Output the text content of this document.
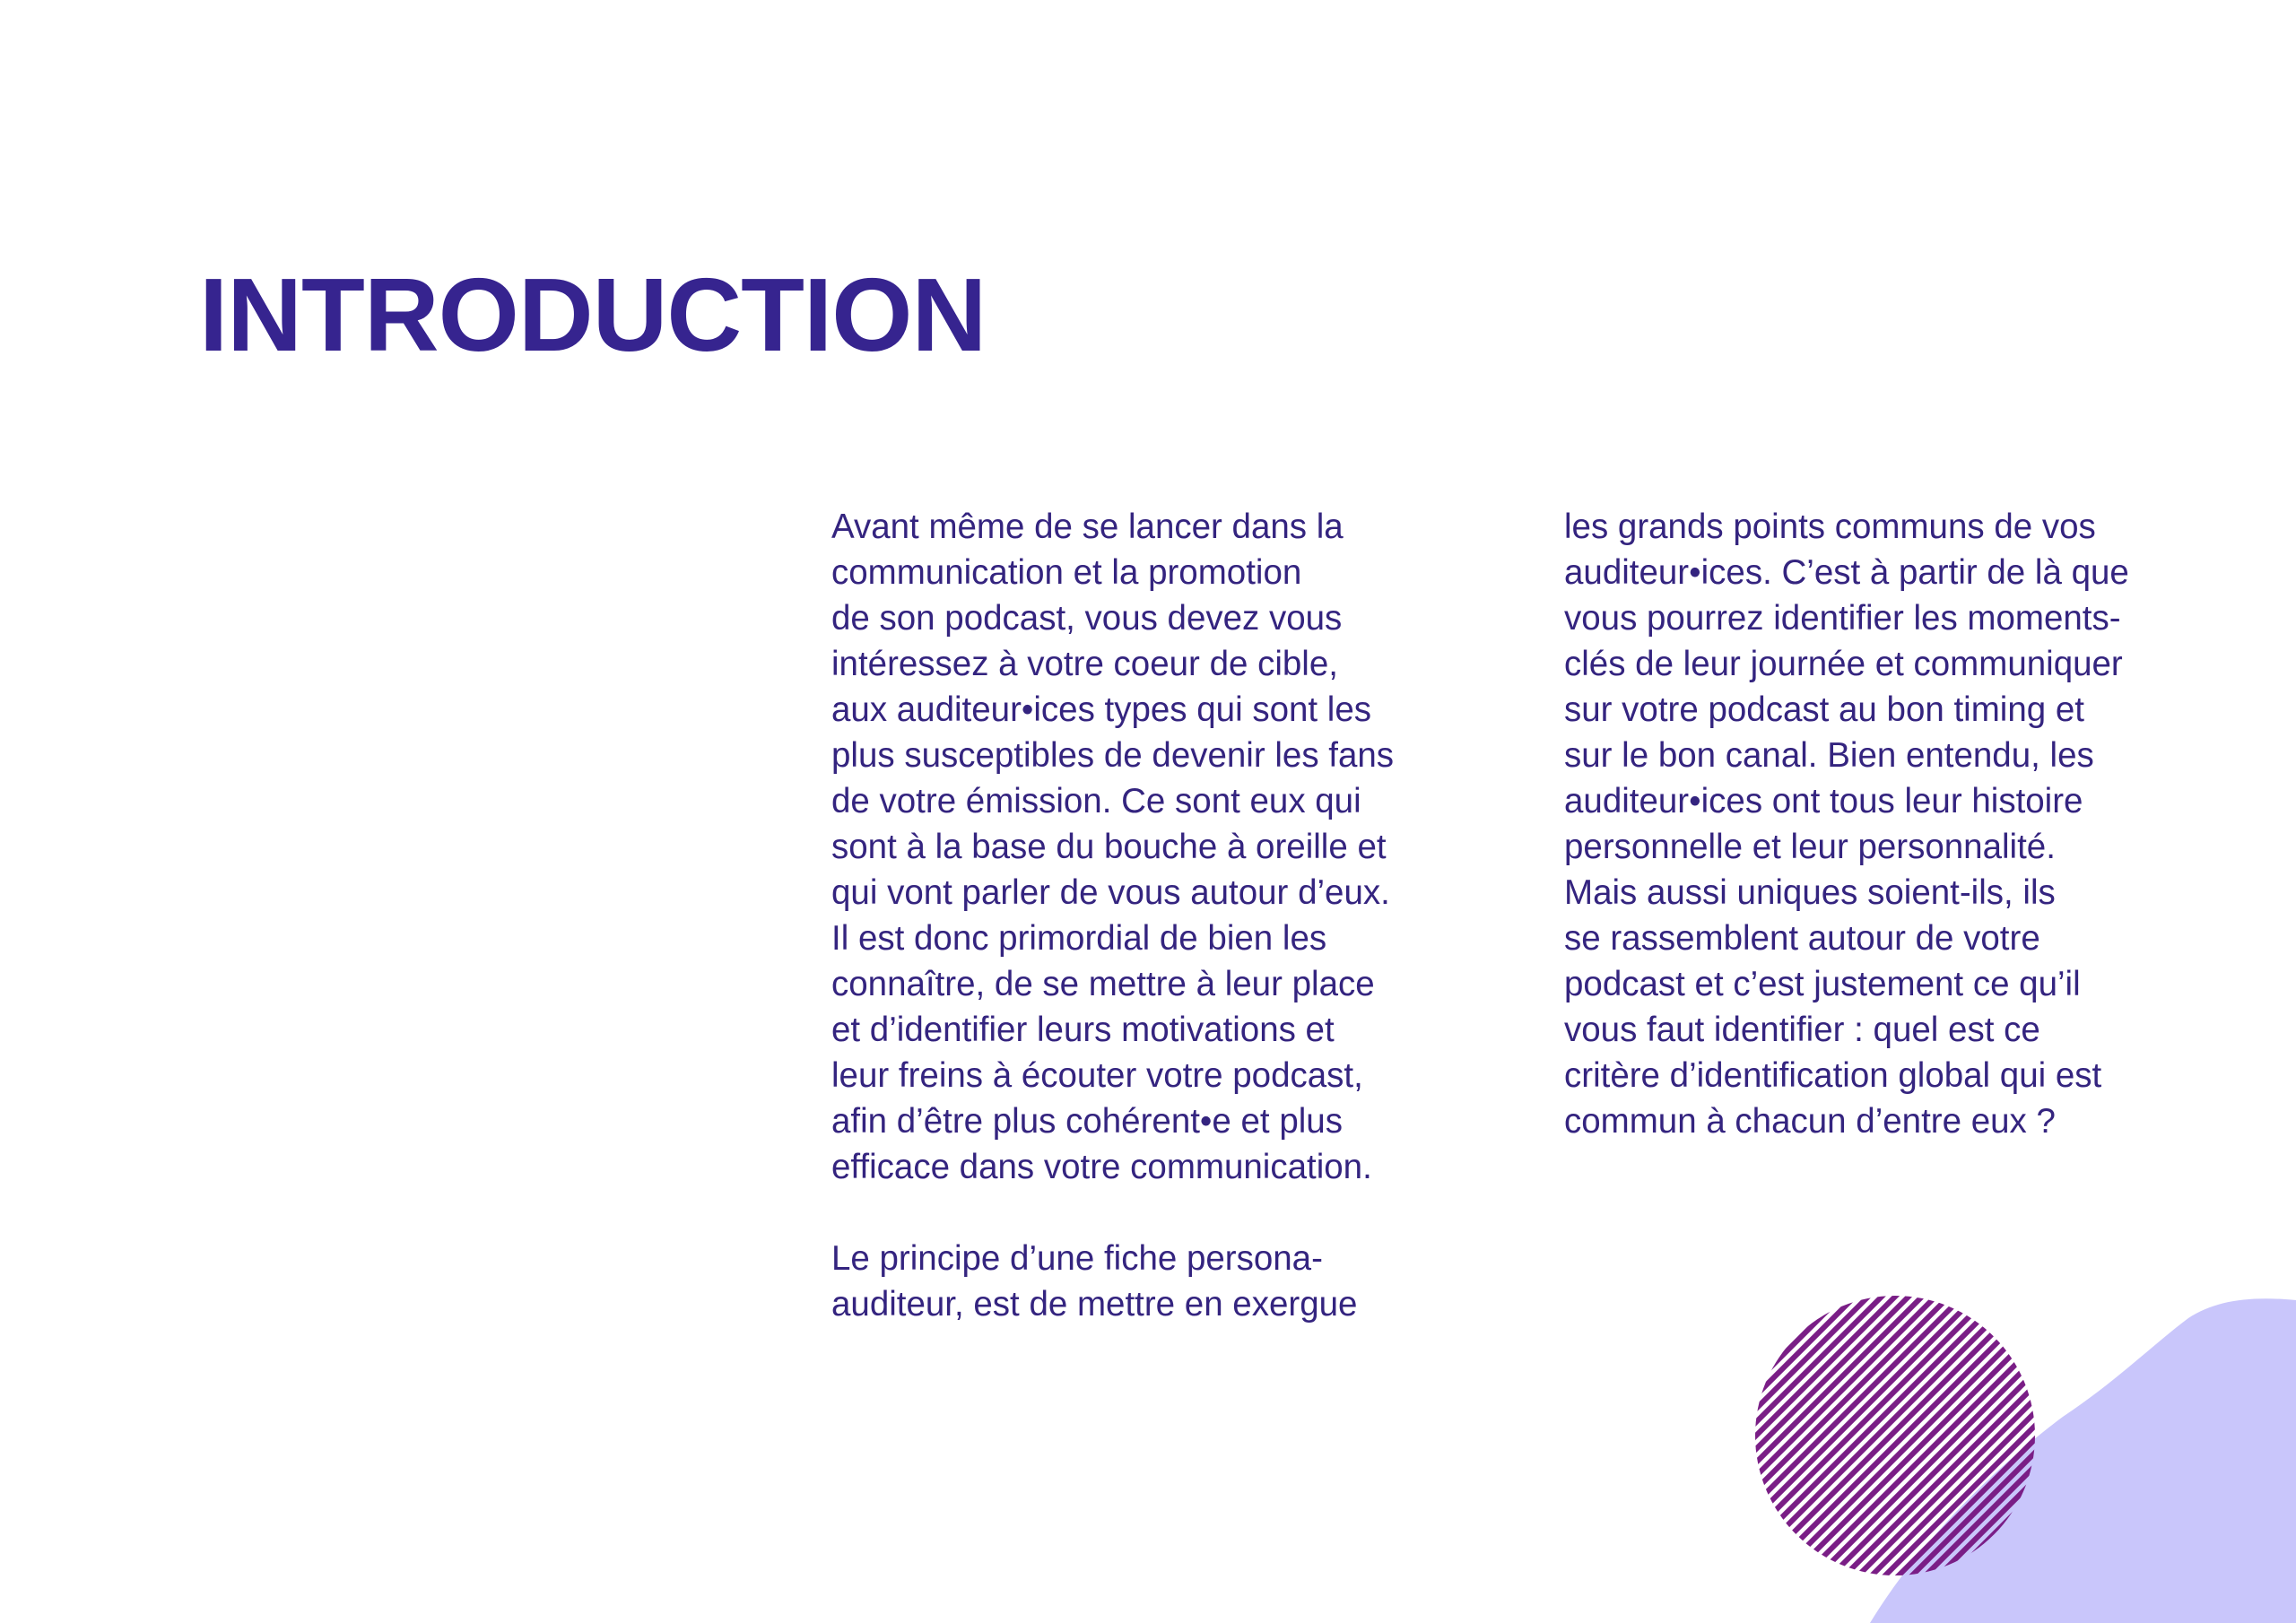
INTRODUCTION

Avant même de se lancer dans la
communication et la promotion
de son podcast, vous devez vous
intéressez à votre coeur de cible,
aux auditeur•ices types qui sont les
plus susceptibles de devenir les fans
de votre émission. Ce sont eux qui
sont à la base du bouche à oreille et
qui vont parler de vous autour d’eux.
Il est donc primordial de bien les
connaître, de se mettre à leur place
et d’identifier leurs motivations et
leur freins à écouter votre podcast,
afin d’être plus cohérent•e et plus
efficace dans votre communication.

Le principe d’une fiche persona-
auditeur, est de mettre en exergue

les grands points communs de vos
auditeur•ices. C’est à partir de là que
vous pourrez identifier les moments-
clés de leur journée et communiquer
sur votre podcast au bon timing et
sur le bon canal. Bien entendu, les
auditeur•ices ont tous leur histoire
personnelle et leur personnalité.
Mais aussi uniques soient-ils, ils
se rassemblent autour de votre
podcast et c’est justement ce qu’il
vous faut identifier : quel est ce
critère d’identification global qui est
commun à chacun d’entre eux ?
